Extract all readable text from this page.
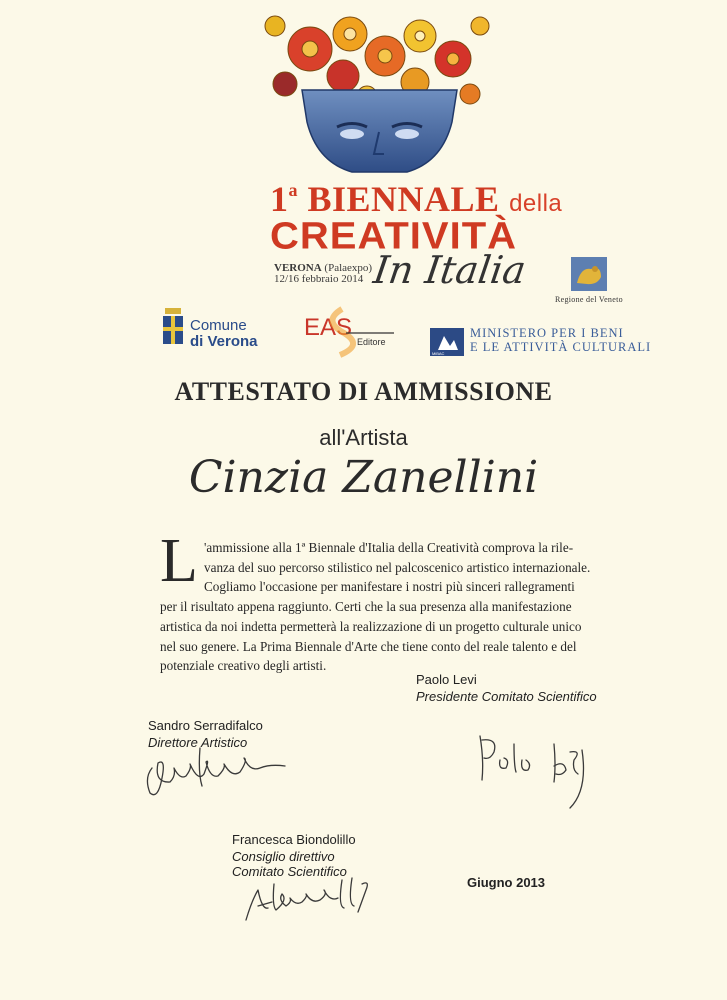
1$^a$ BIENNALE della
CREATIVITÀ
VERONA (Palaexpo)
12/16 febbraio 2014 In Italia
Regione del Veneto
Comune
di Verona
EAS
Editore
MiBAC
MINISTERO PER I BENI
E LE ATTIVITÀ CULTURALI
ATTESTATO DI AMMISSIONE
all'Artista
Cinzia Zanellini
L 'ammissione alla 1ª Biennale d'Italia della Creatività comprova la rile-
vanza del suo percorso stilistico nel palcoscenico artistico internazionale.
Cogliamo l'occasione per manifestare i nostri più sinceri rallegramenti
per il risultato appena raggiunto. Certi che la sua presenza alla manifestazione
artistica da noi indetta permetterà la realizzazione di un progetto culturale unico
nel suo genere. La Prima Biennale d'Arte che tiene conto del reale talento e del
potenziale creativo degli artisti.
Paolo Levi
Presidente Comitato Scientifico
Sandro Serradifalco
Direttore Artistico
Francesca Biondolillo
Consiglio direttivo
Comitato Scientifico
Giugno 2013
